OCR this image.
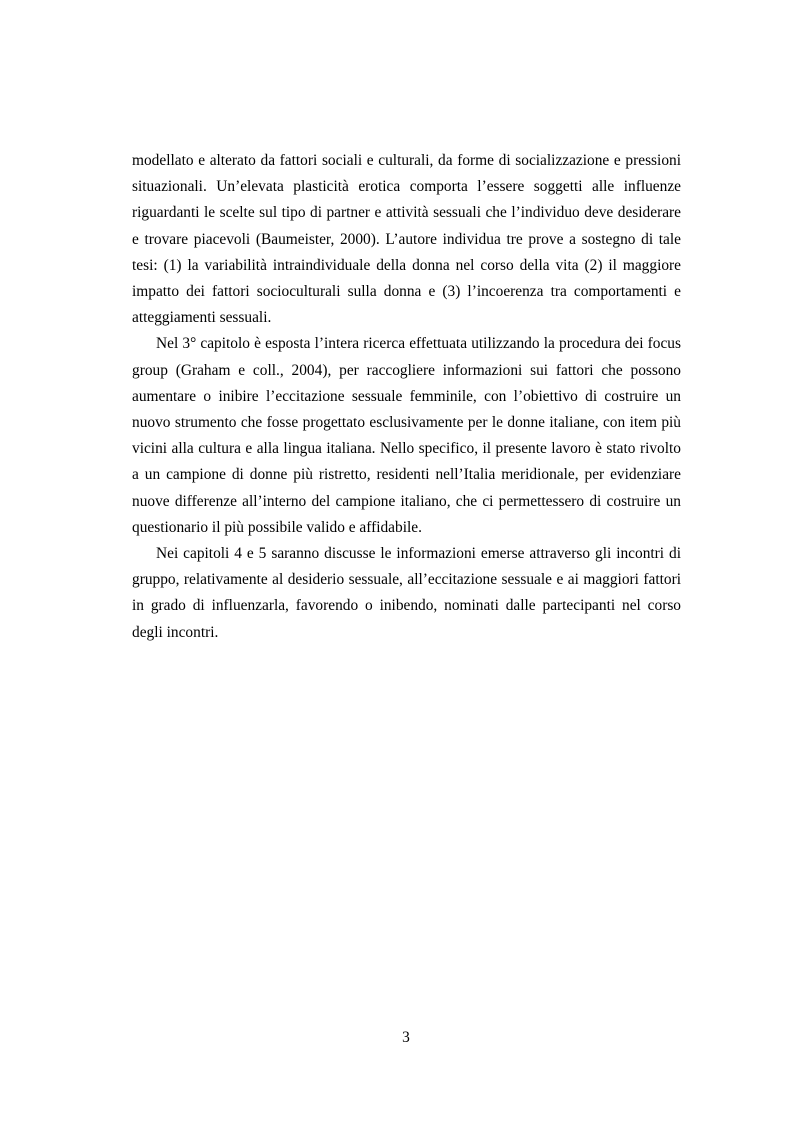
modellato e alterato da fattori sociali e culturali, da forme di socializzazione e pressioni situazionali. Un’elevata plasticità erotica comporta l’essere soggetti alle influenze riguardanti le scelte sul tipo di partner e attività sessuali che l’individuo deve desiderare e trovare piacevoli (Baumeister, 2000). L’autore individua tre prove a sostegno di tale tesi: (1) la variabilità intraindividuale della donna nel corso della vita (2) il maggiore impatto dei fattori socioculturali sulla donna e (3) l’incoerenza tra comportamenti e atteggiamenti sessuali.

Nel 3° capitolo è esposta l’intera ricerca effettuata utilizzando la procedura dei focus group (Graham e coll., 2004), per raccogliere informazioni sui fattori che possono aumentare o inibire l’eccitazione sessuale femminile, con l’obiettivo di costruire un nuovo strumento che fosse progettato esclusivamente per le donne italiane, con item più vicini alla cultura e alla lingua italiana. Nello specifico, il presente lavoro è stato rivolto a un campione di donne più ristretto, residenti nell’Italia meridionale, per evidenziare nuove differenze all’interno del campione italiano, che ci permettessero di costruire un questionario il più possibile valido e affidabile.

Nei capitoli 4 e 5 saranno discusse le informazioni emerse attraverso gli incontri di gruppo, relativamente al desiderio sessuale, all’eccitazione sessuale e ai maggiori fattori in grado di influenzarla, favorendo o inibendo, nominati dalle partecipanti nel corso degli incontri.

3
